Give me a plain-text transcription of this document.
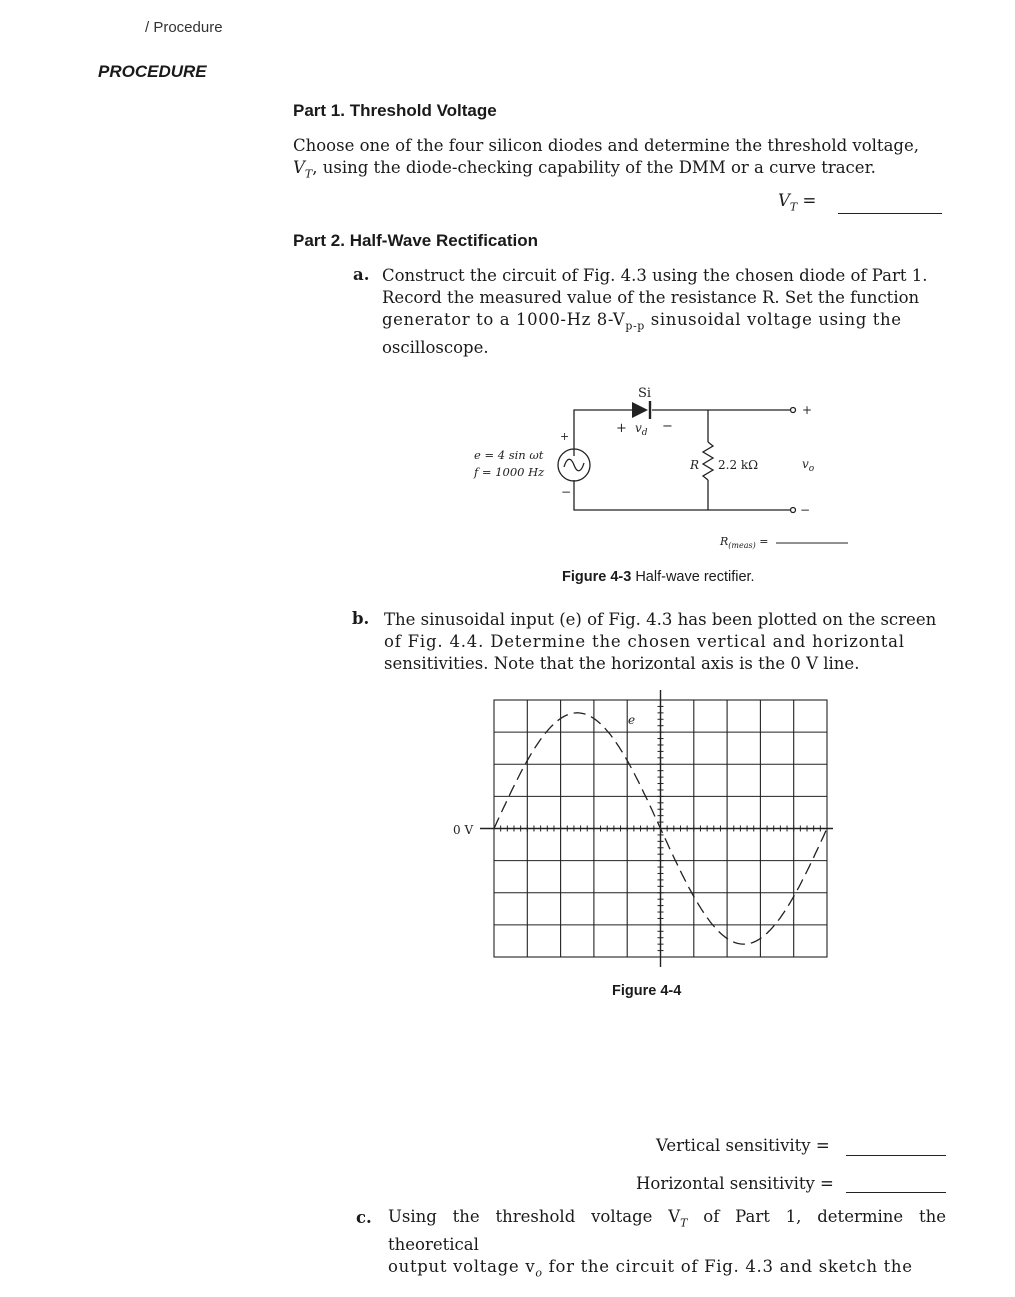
/ Procedure
PROCEDURE
Part 1. Threshold Voltage
Choose one of the four silicon diodes and determine the threshold voltage,
$V_T$, using the diode-checking capability of the DMM or a curve tracer.
$V_T$ =
Part 2. Half-Wave Rectification
a. Construct the circuit of Fig. 4.3 using the chosen diode of Part 1.
Record the measured value of the resistance R. Set the function
generator to a 1000-Hz $8-V_{p-p}$ sinusoidal voltage using the
oscilloscope.
Si
+ $v_d$ −
+
−
e = 4 sin ωt
f = 1000 Hz	R 2.2 kΩ
+
−
$v_o$
$R_{(meas)}$ =
Figure 4-3 Half-wave rectifier.
b. The sinusoidal input (e) of Fig. 4.3 has been plotted on the screen
of Fig. 4.4. Determine the chosen vertical and horizontal
sensitivities. Note that the horizontal axis is the 0 V line.
0 V
e
Figure 4-4
Vertical sensitivity =
Horizontal sensitivity =
c. Using the threshold voltage $V_T$ of Part 1, determine the theoretical
output voltage $v_o$ for the circuit of Fig. 4.3 and sketch the
